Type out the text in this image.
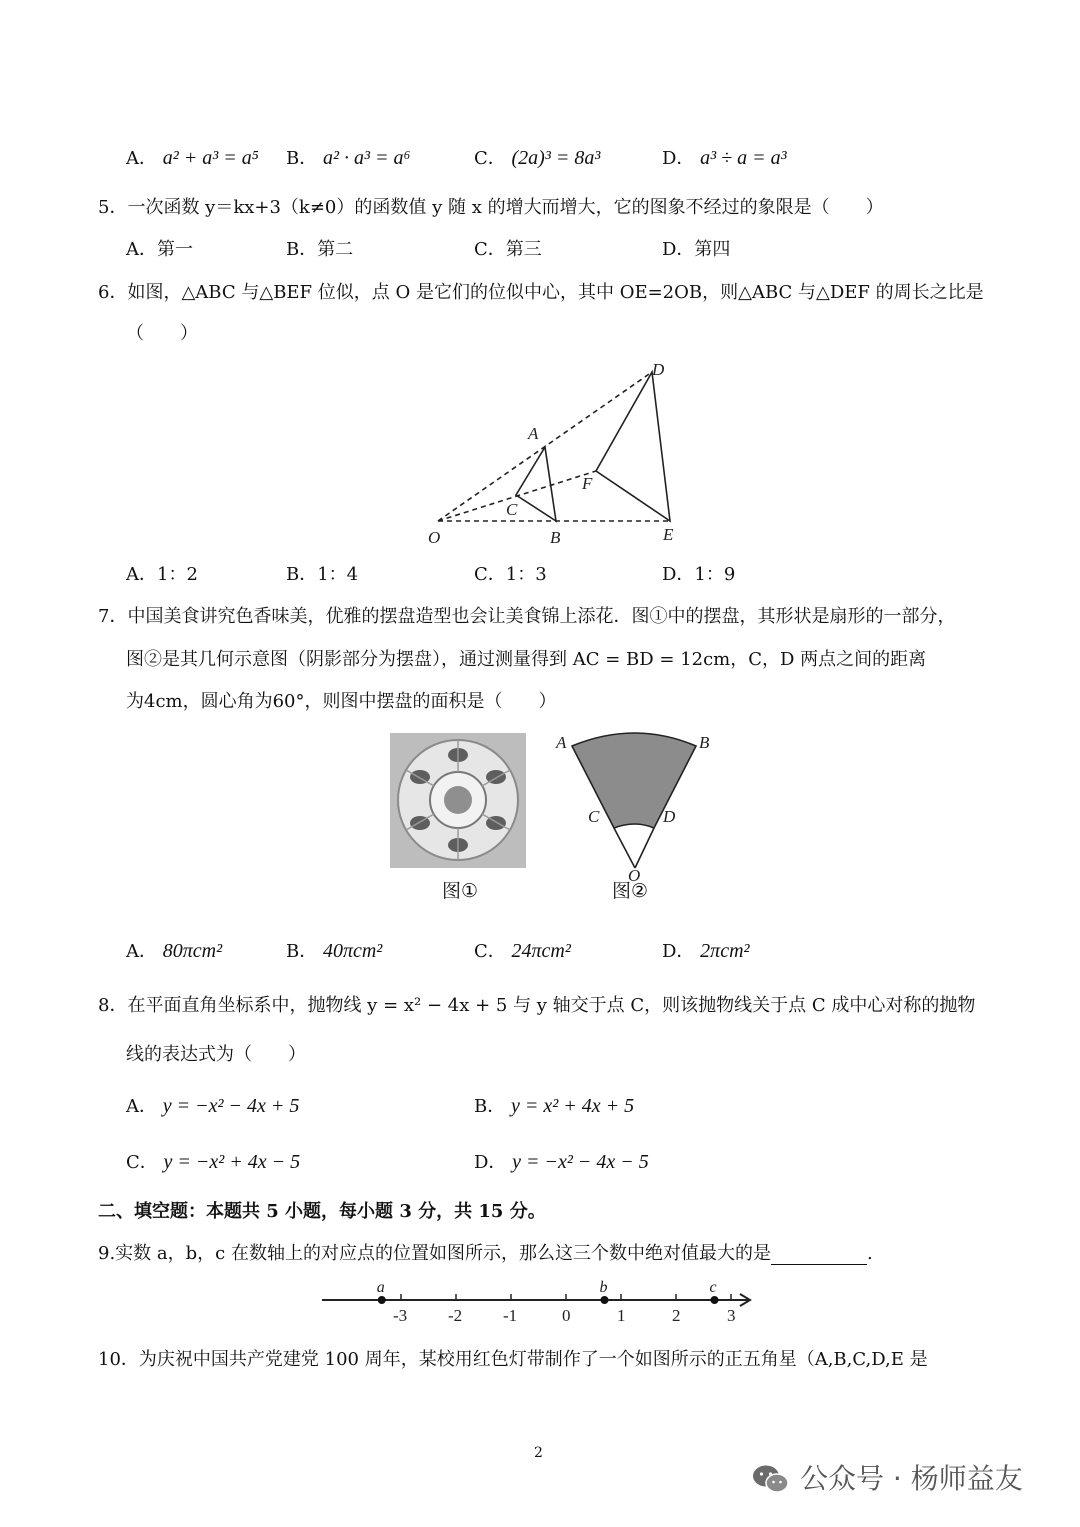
A． a² + a³ = a⁵ B． a² · a³ = a⁶	C． (2a)³ = 8a³	D． a³ ÷ a = a³
5．一次函数 y＝kx+3（k≠0）的函数值 y 随 x 的增大而增大，它的图象不经过的象限是（　　）
A．第一	B．第二	C．第三	D．第四
6．如图，△ABC 与△BEF 位似，点 O 是它们的位似中心，其中 OE=2OB，则△ABC 与△DEF 的周长之比是
（　　）
O
A
B
C
D
E
F
A．1：2	B．1：4	C．1：3	D．1：9
7．中国美食讲究色香味美，优雅的摆盘造型也会让美食锦上添花．图①中的摆盘，其形状是扇形的一部分，
图②是其几何示意图（阴影部分为摆盘），通过测量得到 AC = BD = 12cm，C，D 两点之间的距离
为4cm，圆心角为60°，则图中摆盘的面积是（　　）
图①
A	B
C	D
O
图②
A． 80πcm²	B． 40πcm²	C． 24πcm²	D． 2πcm²
8．在平面直角坐标系中，抛物线 y = x² − 4x + 5 与 y 轴交于点 C，则该抛物线关于点 C 成中心对称的抛物
线的表达式为（　　）
A． y = −x² − 4x + 5	B． y = x² + 4x + 5
C． y = −x² + 4x − 5	D． y = −x² − 4x − 5
二、填空题：本题共 5 小题，每小题 3 分，共 15 分。
9.实数 a，b，c 在数轴上的对应点的位置如图所示，那么这三个数中绝对值最大的是	.
-3 -2 -1	0	1	2	3
a	b	c
10．为庆祝中国共产党建党 100 周年，某校用红色灯带制作了一个如图所示的正五角星（A,B,C,D,E 是
2
公众号 · 杨师益友
